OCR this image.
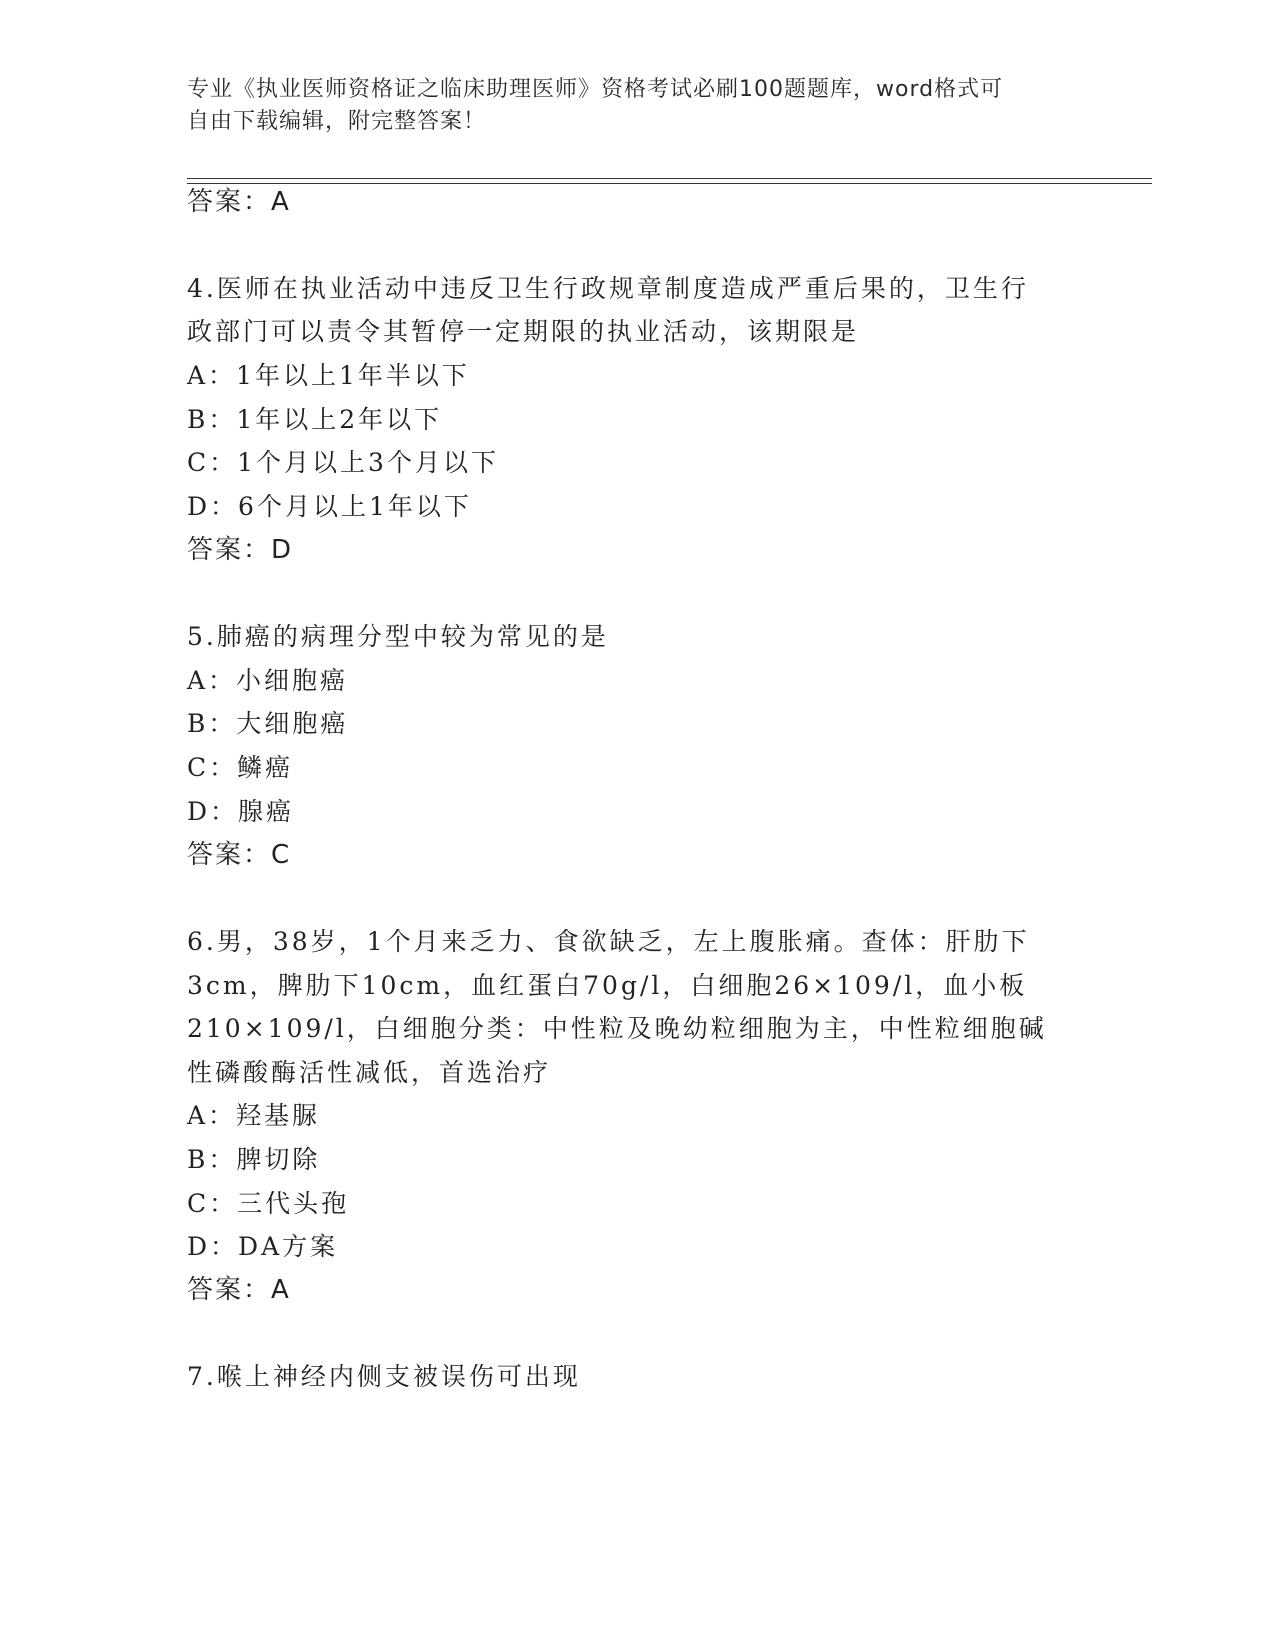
专业《执业医师资格证之临床助理医师》资格考试必刷100题题库，word格式可
自由下载编辑，附完整答案！
答案：A
4.医师在执业活动中违反卫生行政规章制度造成严重后果的，卫生行
政部门可以责令其暂停一定期限的执业活动，该期限是
A：1年以上1年半以下
B：1年以上2年以下
C：1个月以上3个月以下
D：6个月以上1年以下
答案：D
5.肺癌的病理分型中较为常见的是
A：小细胞癌
B：大细胞癌
C：鳞癌
D：腺癌
答案：C
6.男，38岁，1个月来乏力、食欲缺乏，左上腹胀痛。查体：肝肋下
3cm，脾肋下10cm，血红蛋白70g/l，白细胞26×109/l，血小板
210×109/l，白细胞分类：中性粒及晚幼粒细胞为主，中性粒细胞碱
性磷酸酶活性减低，首选治疗
A：羟基脲
B：脾切除
C：三代头孢
D：DA方案
答案：A
7.喉上神经内侧支被误伤可出现
